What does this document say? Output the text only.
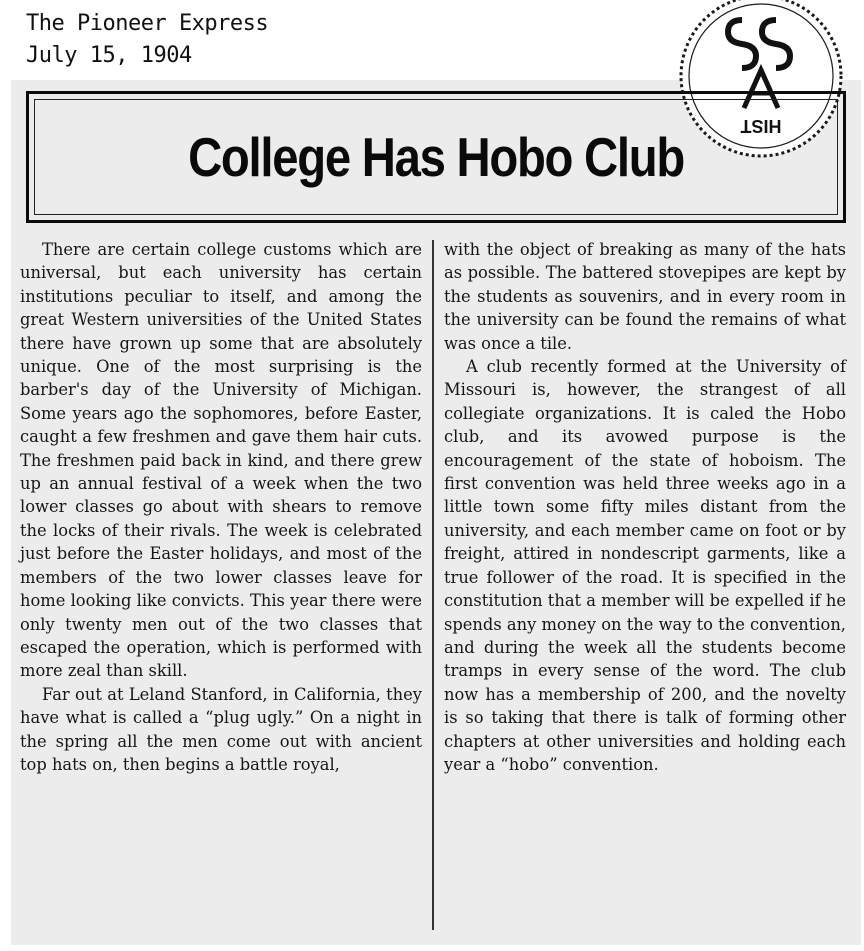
The Pioneer Express
July 15, 1904
HIST
College Has Hobo Club

There are certain college customs which are universal, but each university has certain institutions peculiar to itself, and among the great Western universities of the United States there have grown up some that are absolutely unique. One of the most surprising is the barber's day of the University of Michigan. Some years ago the sophomores, before Easter, caught a few freshmen and gave them hair cuts. The freshmen paid back in kind, and there grew up an annual festival of a week when the two lower classes go about with shears to remove the locks of their rivals. The week is celebrated just before the Easter holidays, and most of the members of the two lower classes leave for home looking like convicts. This year there were only twenty men out of the two classes that escaped the operation, which is performed with more zeal than skill.

Far out at Leland Stanford, in California, they have what is called a “plug ugly.” On a night in the spring all the men come out with ancient top hats on, then begins a battle royal,

with the object of breaking as many of the hats as possible. The battered stovepipes are kept by the students as souvenirs, and in every room in the university can be found the remains of what was once a tile.

A club recently formed at the University of Missouri is, however, the strangest of all collegiate organizations. It is caled the Hobo club, and its avowed purpose is the encouragement of the state of hoboism. The first convention was held three weeks ago in a little town some fifty miles distant from the university, and each member came on foot or by freight, attired in nondescript garments, like a true follower of the road. It is specified in the constitution that a member will be expelled if he spends any money on the way to the convention, and during the week all the students become tramps in every sense of the word. The club now has a membership of 200, and the novelty is so taking that there is talk of forming other chapters at other universities and holding each year a “hobo” convention.
